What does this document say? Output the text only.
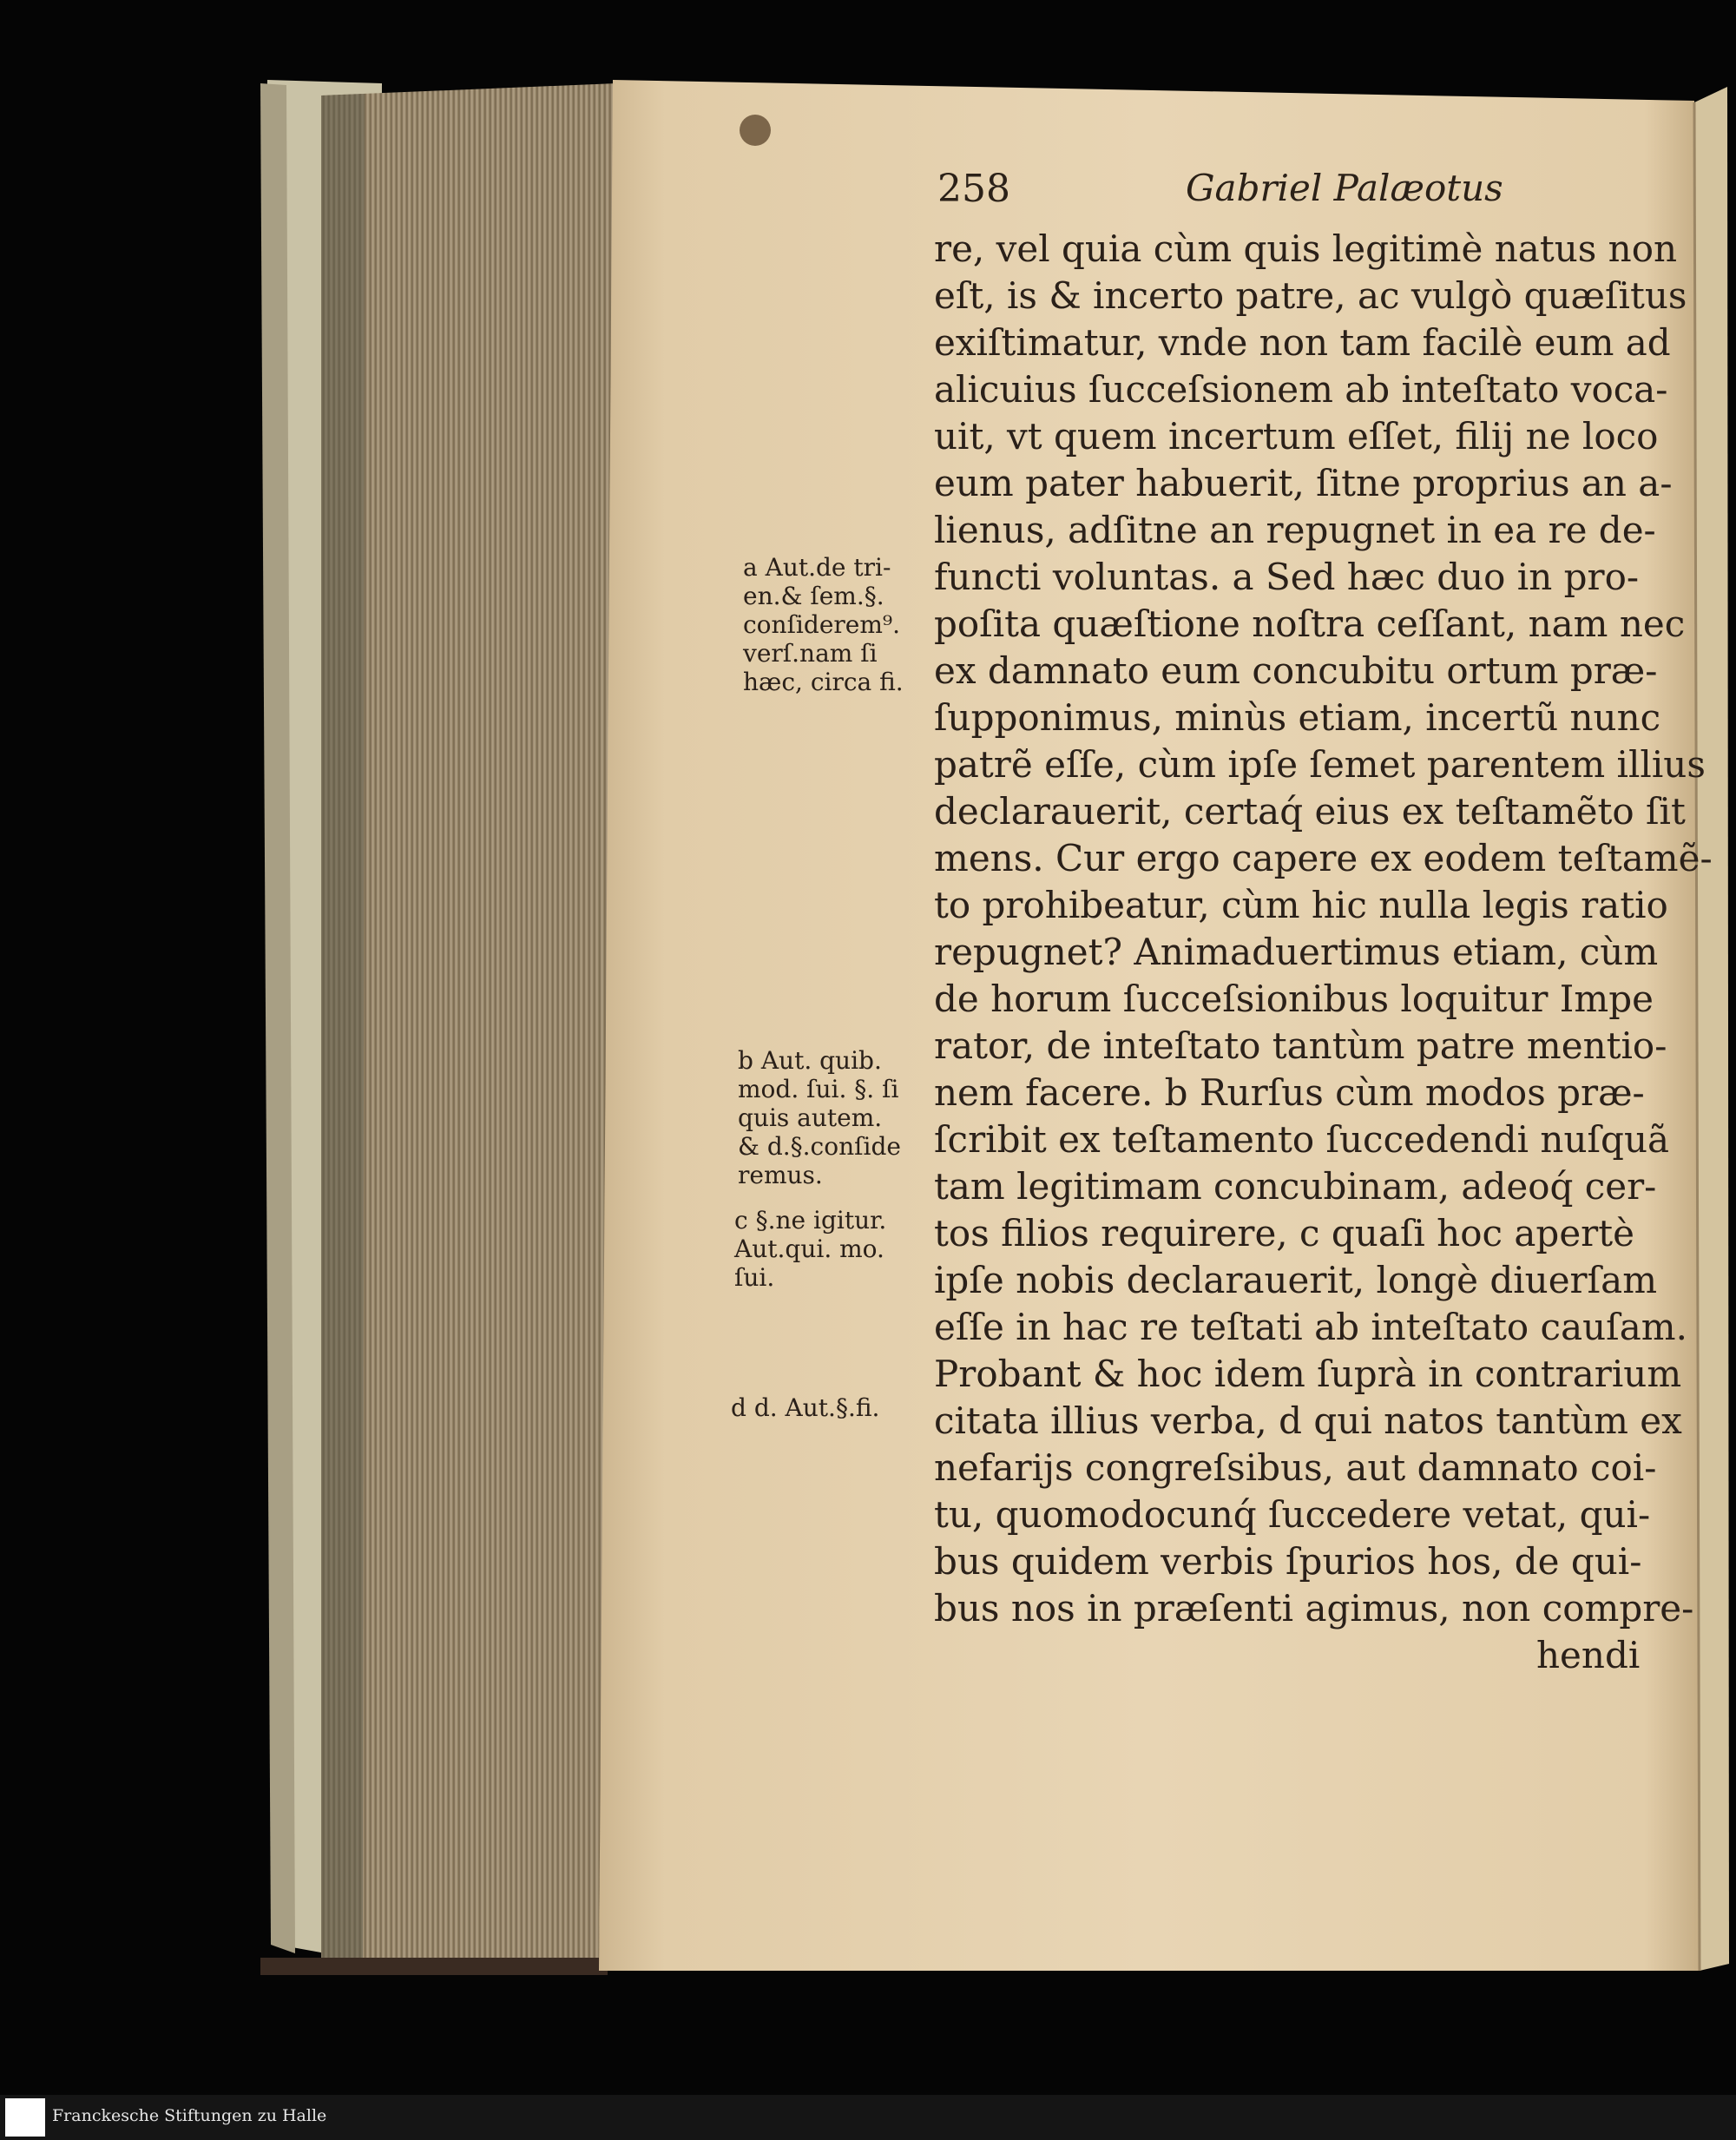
258	Gabriel Palæotus
re, vel quia cùm quis legitimè natus non
eſt, is & incerto patre, ac vulgò quæſitus
exiſtimatur, vnde non tam facilè eum ad
alicuius ſucceſsionem ab inteſtato voca-
uit, vt quem incertum eſſet, filij ne loco
eum pater habuerit, ſitne proprius an a-
lienus, adſitne an repugnet in ea re de-
functi voluntas. a Sed hæc duo in pro-
poſita quæſtione noſtra ceſſant, nam nec
ex damnato eum concubitu ortum præ-
ſupponimus, minùs etiam, incertũ nunc
patrẽ eſſe, cùm ipſe ſemet parentem illius
declarauerit, certaq́ eius ex teſtamẽto ſit
mens. Cur ergo capere ex eodem teſtamẽ-
to prohibeatur, cùm hic nulla legis ratio
repugnet? Animaduertimus etiam, cùm
de horum ſucceſsionibus loquitur Impe
rator, de inteſtato tantùm patre mentio-
nem facere. b Rurſus cùm modos præ-
ſcribit ex teſtamento ſuccedendi nuſquã
tam legitimam concubinam, adeoq́ cer-
tos filios requirere, c quaſi hoc apertè
ipſe nobis declarauerit, longè diuerſam
eſſe in hac re teſtati ab inteſtato cauſam.
Probant & hoc idem ſuprà in contrarium
citata illius verba, d qui natos tantùm ex
nefarijs congreſsibus, aut damnato coi-
tu, quomodocunq́ ſuccedere vetat, qui-
bus quidem verbis ſpurios hos, de qui-
bus nos in præſenti agimus, non compre-
hendi
a Aut.de tri-
en.& ſem.§.
conſiderem⁹.
verſ.nam ſi
hæc, circa fi.
b Aut. quib.
mod. ſui. §. ſi
quis autem.
& d.§.conſide
remus.
c §.ne igitur.
Aut.qui. mo.
ſui.
d d. Aut.§.fi.
Franckesche Stiftungen zu Halle
